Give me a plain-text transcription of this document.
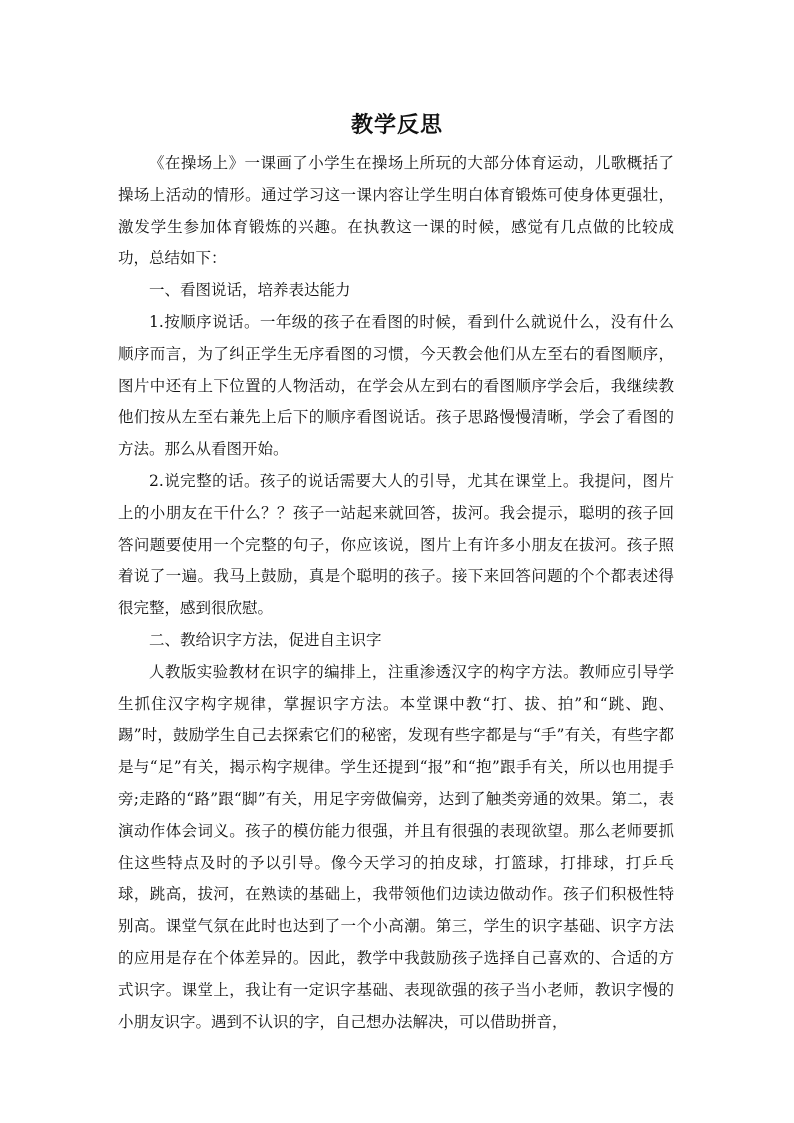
教学反思

《在操场上》一课画了小学生在操场上所玩的大部分体育运动，儿歌概括了操场上活动的情形。通过学习这一课内容让学生明白体育锻炼可使身体更强壮，激发学生参加体育锻炼的兴趣。在执教这一课的时候，感觉有几点做的比较成功，总结如下：

一、看图说话，培养表达能力

1.按顺序说话。一年级的孩子在看图的时候，看到什么就说什么，没有什么顺序而言，为了纠正学生无序看图的习惯，今天教会他们从左至右的看图顺序，图片中还有上下位置的人物活动，在学会从左到右的看图顺序学会后，我继续教他们按从左至右兼先上后下的顺序看图说话。孩子思路慢慢清晰，学会了看图的方法。那么从看图开始。

2.说完整的话。孩子的说话需要大人的引导，尤其在课堂上。我提问，图片上的小朋友在干什么？？孩子一站起来就回答，拔河。我会提示，聪明的孩子回答问题要使用一个完整的句子，你应该说，图片上有许多小朋友在拔河。孩子照着说了一遍。我马上鼓励，真是个聪明的孩子。接下来回答问题的个个都表述得很完整，感到很欣慰。

二、教给识字方法，促进自主识字

人教版实验教材在识字的编排上，注重渗透汉字的构字方法。教师应引导学生抓住汉字构字规律，掌握识字方法。本堂课中教“打、拔、拍”和“跳、跑、踢”时，鼓励学生自己去探索它们的秘密，发现有些字都是与“手”有关，有些字都是与“足”有关，揭示构字规律。学生还提到“报”和“抱”跟手有关，所以也用提手旁;走路的“路”跟“脚”有关，用足字旁做偏旁，达到了触类旁通的效果。第二，表演动作体会词义。孩子的模仿能力很强，并且有很强的表现欲望。那么老师要抓住这些特点及时的予以引导。像今天学习的拍皮球，打篮球，打排球，打乒乓球，跳高，拔河，在熟读的基础上，我带领他们边读边做动作。孩子们积极性特别高。课堂气氛在此时也达到了一个小高潮。第三，学生的识字基础、识字方法的应用是存在个体差异的。因此，教学中我鼓励孩子选择自己喜欢的、合适的方式识字。课堂上，我让有一定识字基础、表现欲强的孩子当小老师，教识字慢的小朋友识字。遇到不认识的字，自己想办法解决，可以借助拼音，
